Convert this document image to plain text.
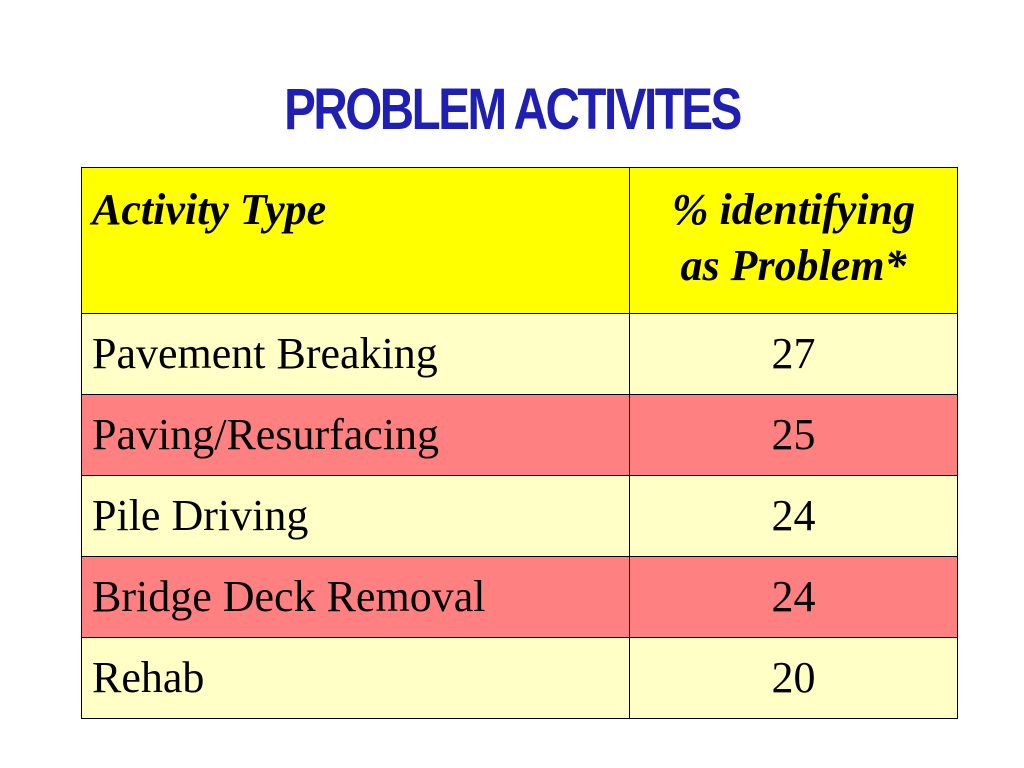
PROBLEM ACTIVITES
Activity Type	% identifying
as Problem*

Pavement Breaking	27
Paving/Resurfacing	25
Pile Driving	24
Bridge Deck Removal	24
Rehab	20
